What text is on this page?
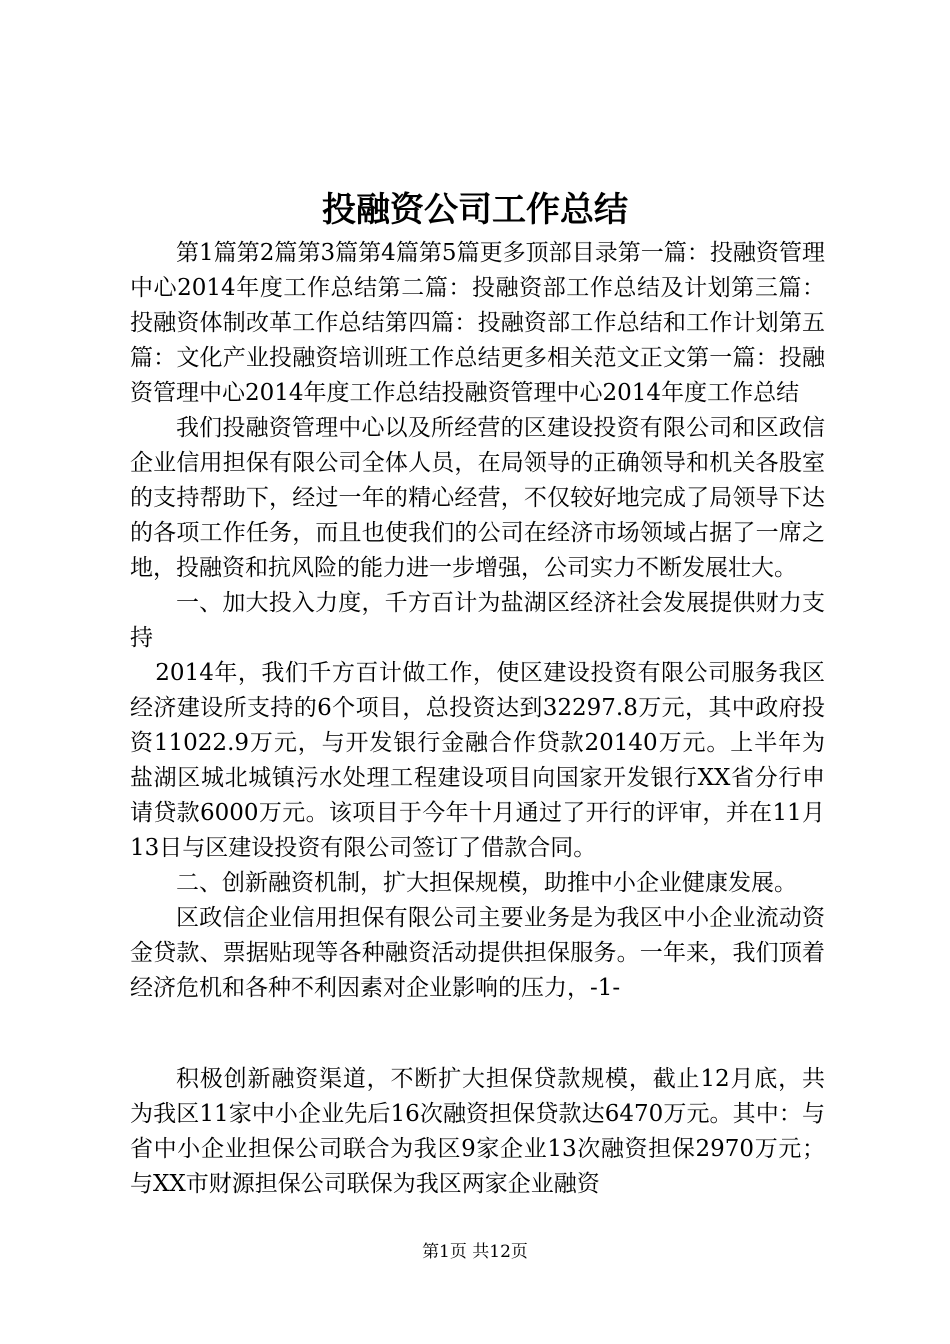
投融资公司工作总结

第1篇第2篇第3篇第4篇第5篇更多顶部目录第一篇：投融资管理中心2014年度工作总结第二篇：投融资部工作总结及计划第三篇：投融资体制改革工作总结第四篇：投融资部工作总结和工作计划第五篇：文化产业投融资培训班工作总结更多相关范文正文第一篇：投融资管理中心2014年度工作总结投融资管理中心2014年度工作总结

我们投融资管理中心以及所经营的区建设投资有限公司和区政信企业信用担保有限公司全体人员，在局领导的正确领导和机关各股室的支持帮助下，经过一年的精心经营，不仅较好地完成了局领导下达的各项工作任务，而且也使我们的公司在经济市场领域占据了一席之地，投融资和抗风险的能力进一步增强，公司实力不断发展壮大。

一、加大投入力度，千方百计为盐湖区经济社会发展提供财力支持

2014年，我们千方百计做工作，使区建设投资有限公司服务我区经济建设所支持的6个项目，总投资达到32297.8万元，其中政府投资11022.9万元，与开发银行金融合作贷款20140万元。上半年为盐湖区城北城镇污水处理工程建设项目向国家开发银行XX省分行申请贷款6000万元。该项目于今年十月通过了开行的评审，并在11月13日与区建设投资有限公司签订了借款合同。

二、创新融资机制，扩大担保规模，助推中小企业健康发展。

区政信企业信用担保有限公司主要业务是为我区中小企业流动资金贷款、票据贴现等各种融资活动提供担保服务。一年来，我们顶着经济危机和各种不利因素对企业影响的压力，-1-

积极创新融资渠道，不断扩大担保贷款规模，截止12月底，共为我区11家中小企业先后16次融资担保贷款达6470万元。其中：与省中小企业担保公司联合为我区9家企业13次融资担保2970万元；与XX市财源担保公司联保为我区两家企业融资

第1页 共12页
